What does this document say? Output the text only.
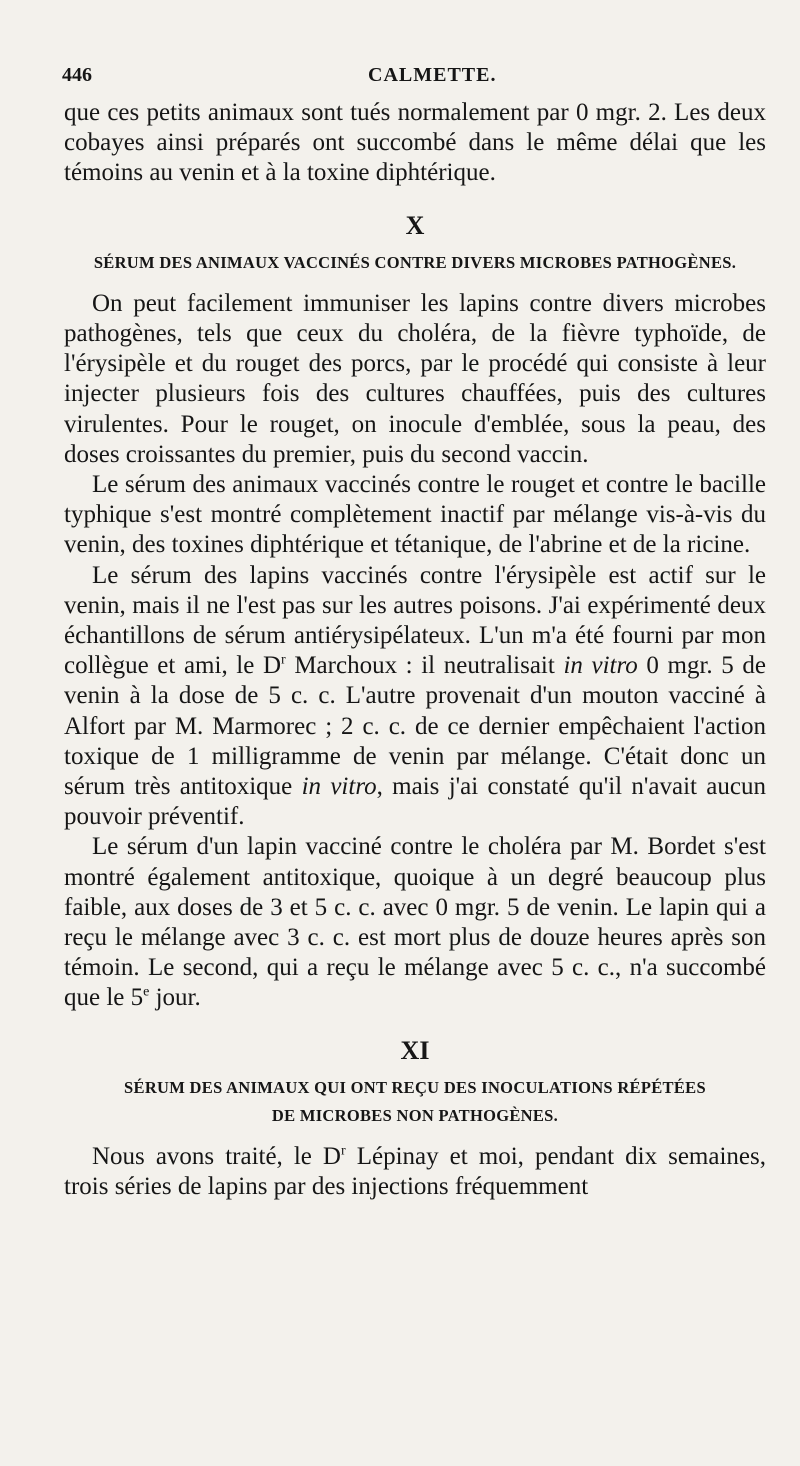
446	CALMETTE.

que ces petits animaux sont tués normalement par 0 mgr. 2. Les deux cobayes ainsi préparés ont succombé dans le même délai que les témoins au venin et à la toxine diphtérique.

X
SÉRUM DES ANIMAUX VACCINÉS CONTRE DIVERS MICROBES PATHOGÈNES.

On peut facilement immuniser les lapins contre divers microbes pathogènes, tels que ceux du choléra, de la fièvre typhoïde, de l'érysipèle et du rouget des porcs, par le procédé qui consiste à leur injecter plusieurs fois des cultures chauffées, puis des cultures virulentes. Pour le rouget, on inocule d'emblée, sous la peau, des doses croissantes du premier, puis du second vaccin.

Le sérum des animaux vaccinés contre le rouget et contre le bacille typhique s'est montré complètement inactif par mélange vis-à-vis du venin, des toxines diphtérique et tétanique, de l'abrine et de la ricine.

Le sérum des lapins vaccinés contre l'érysipèle est actif sur le venin, mais il ne l'est pas sur les autres poisons. J'ai expérimenté deux échantillons de sérum antiérysipélateux. L'un m'a été fourni par mon collègue et ami, le $D^r$ Marchoux : il neutralisait in vitro 0 mgr. 5 de venin à la dose de 5 c. c. L'autre provenait d'un mouton vacciné à Alfort par M. Marmorec ; 2 c. c. de ce dernier empêchaient l'action toxique de 1 milligramme de venin par mélange. C'était donc un sérum très antitoxique in vitro, mais j'ai constaté qu'il n'avait aucun pouvoir préventif.

Le sérum d'un lapin vacciné contre le choléra par M. Bordet s'est montré également antitoxique, quoique à un degré beaucoup plus faible, aux doses de 3 et 5 c. c. avec 0 mgr. 5 de venin. Le lapin qui a reçu le mélange avec 3 c. c. est mort plus de douze heures après son témoin. Le second, qui a reçu le mélange avec 5 c. c., n'a succombé que le 5e jour.

XI
SÉRUM DES ANIMAUX QUI ONT REÇU DES INOCULATIONS RÉPÉTÉES
DE MICROBES NON PATHOGÈNES.

Nous avons traité, le $D^r$ Lépinay et moi, pendant dix semaines, trois séries de lapins par des injections fréquemment
